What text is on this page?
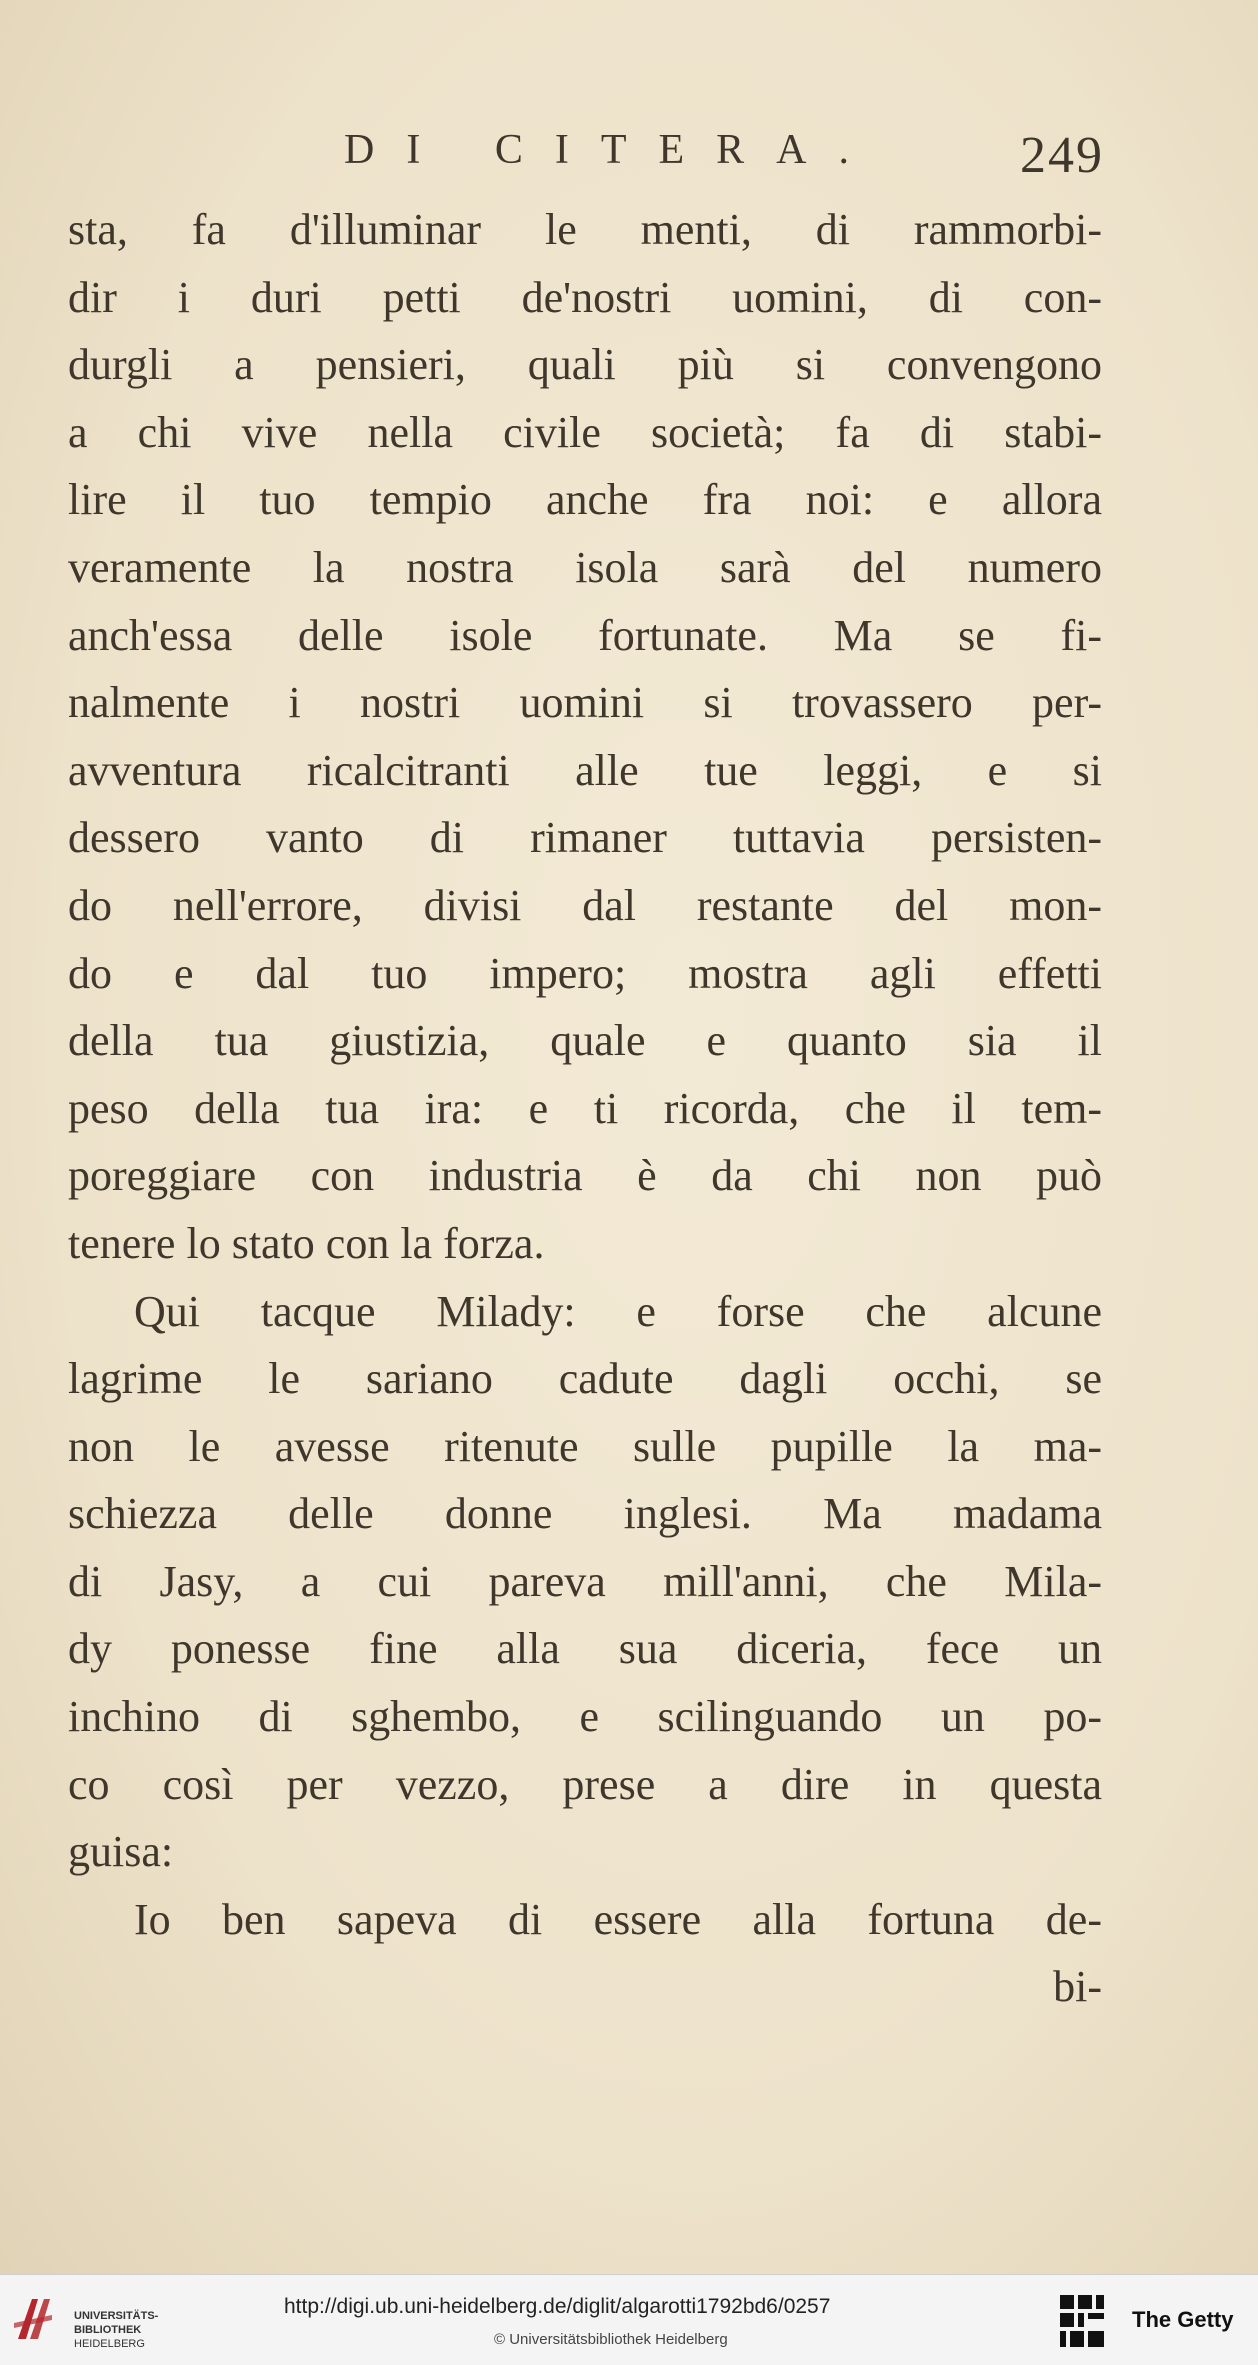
DI CITERA.	249
sta, fa d'illuminar le menti, di rammorbi-
dir i duri petti de'nostri uomini, di con-
durgli a pensieri, quali più si convengono
a chi vive nella civile società; fa di stabi-
lire il tuo tempio anche fra noi: e allora
veramente la nostra isola sarà del numero
anch'essa delle isole fortunate. Ma se fi-
nalmente i nostri uomini si trovassero per-
avventura ricalcitranti alle tue leggi, e si
dessero vanto di rimaner tuttavia persisten-
do nell'errore, divisi dal restante del mon-
do e dal tuo impero; mostra agli effetti
della tua giustizia, quale e quanto sia il
peso della tua ira: e ti ricorda, che il tem-
poreggiare con industria è da chi non può
tenere lo stato con la forza.
Qui tacque Milady: e forse che alcune
lagrime le sariano cadute dagli occhi, se
non le avesse ritenute sulle pupille la ma-
schiezza delle donne inglesi. Ma madama
di Jasy, a cui pareva mill'anni, che Mila-
dy ponesse fine alla sua diceria, fece un
inchino di sghembo, e scilinguando un po-
co così per vezzo, prese a dire in questa
guisa:
Io ben sapeva di essere alla fortuna de-
bi-
UNIVERSITÄTS-
BIBLIOTHEK
HEIDELBERG
http://digi.ub.uni-heidelberg.de/diglit/algarotti1792bd6/0257
© Universitätsbibliothek Heidelberg
The Getty
